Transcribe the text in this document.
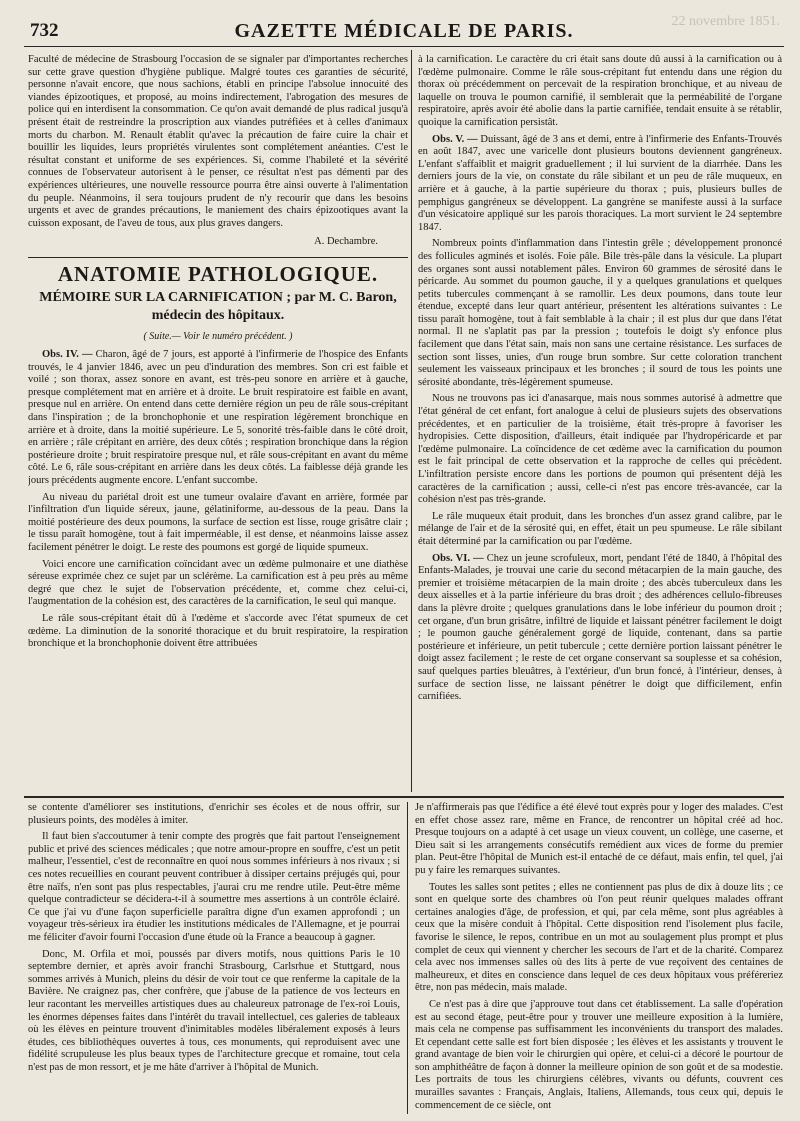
732	GAZETTE MÉDICALE DE PARIS.	22 novembre 1851.

Faculté de médecine de Strasbourg l'occasion de se signaler par d'importantes recherches sur cette grave question d'hygiène publique. Malgré toutes ces garanties de sécurité, personne n'avait encore, que nous sachions, établi en principe l'absolue innocuité des viandes épizootiques, et proposé, au moins indirectement, l'abrogation des mesures de police qui en interdisent la consommation. Ce qu'on avait demandé de plus radical jusqu'à présent était de restreindre la proscription aux viandes putréfiées et à celles d'animaux morts du charbon. M. Renault établit qu'avec la précaution de faire cuire la chair et bouillir les liquides, leurs propriétés virulentes sont complétement anéanties. C'est le résultat constant et uniforme de ses expériences. Si, comme l'habileté et la sévérité connues de l'observateur autorisent à le penser, ce résultat n'est pas démenti par des expériences ultérieures, une nouvelle ressource pourra être ainsi ouverte à l'alimentation du peuple. Néanmoins, il sera toujours prudent de n'y recourir que dans les besoins urgents et avec de grandes précautions, le maniement des chairs épizootiques avant la cuisson exposant, de l'aveu de tous, aux plus graves dangers.

A. Dechambre.
ANATOMIE PATHOLOGIQUE.
MÉMOIRE SUR LA CARNIFICATION ; par M. C. Baron,
médecin des hôpitaux.
( Suite.— Voir le numéro précédent. )

Obs. IV. — Charon, âgé de 7 jours, est apporté à l'infirmerie de l'hospice des Enfants trouvés, le 4 janvier 1846, avec un peu d'induration des membres. Son cri est faible et voilé ; son thorax, assez sonore en avant, est très-peu sonore en arrière et à gauche, presque complétement mat en arrière et à droite. Le bruit respiratoire est faible en avant, presque nul en arrière. On entend dans cette dernière région un peu de râle sous-crépitant dans l'inspiration ; de la bronchophonie et une respiration légèrement bronchique en arrière et à droite, dans la moitié supérieure. Le 5, sonorité très-faible dans le côté droit, en arrière ; râle crépitant en arrière, des deux côtés ; respiration bronchique dans la région postérieure droite ; bruit respiratoire presque nul, et râle sous-crépitant en avant du même côté. Le 6, râle sous-crépitant en arrière dans les deux côtés. La faiblesse déjà grande les jours précédents augmente encore. L'enfant succombe.

Au niveau du pariétal droit est une tumeur ovalaire d'avant en arrière, formée par l'infiltration d'un liquide séreux, jaune, gélatiniforme, au-dessous de la peau. Dans la moitié postérieure des deux poumons, la surface de section est lisse, rouge grisâtre clair ; le tissu paraît homogène, tout à fait imperméable, il est dense, et néanmoins laisse assez facilement pénétrer le doigt. Le reste des poumons est gorgé de liquide spumeux.

Voici encore une carnification coïncidant avec un œdème pulmonaire et une diathèse séreuse exprimée chez ce sujet par un sclérème. La carnification est à peu près au même degré que chez le sujet de l'observation précédente, et, comme chez celui-ci, l'augmentation de la cohésion est, des caractères de la carnification, le seul qui manque.

Le râle sous-crépitant était dû à l'œdème et s'accorde avec l'état spumeux de cet œdème. La diminution de la sonorité thoracique et du bruit respiratoire, la respiration bronchique et la bronchophonie doivent être attribuées

à la carnification. Le caractère du cri était sans doute dû aussi à la carnification ou à l'œdème pulmonaire. Comme le râle sous-crépitant fut entendu dans une région du thorax où précédemment on percevait de la respiration bronchique, et au niveau de laquelle on trouva le poumon carnifié, il semblerait que la perméabilité de l'organe respiratoire, après avoir été abolie dans la partie carnifiée, tendait ensuite à se rétablir, quoique la carnification persistât.

Obs. V. — Duissant, âgé de 3 ans et demi, entre à l'infirmerie des Enfants-Trouvés en août 1847, avec une varicelle dont plusieurs boutons deviennent gangréneux. L'enfant s'affaiblit et maigrit graduellement ; il lui survient de la diarrhée. Dans les derniers jours de la vie, on constate du râle sibilant et un peu de râle muqueux, en arrière et à gauche, à la partie supérieure du thorax ; puis, plusieurs bulles de pemphigus gangréneux se développent. La gangrène se manifeste aussi à la surface d'un vésicatoire appliqué sur les parois thoraciques. La mort survient le 24 septembre 1847.

Nombreux points d'inflammation dans l'intestin grêle ; développement prononcé des follicules agminés et isolés. Foie pâle. Bile très-pâle dans la vésicule. La plupart des organes sont aussi notablement pâles. Environ 60 grammes de sérosité dans le péricarde. Au sommet du poumon gauche, il y a quelques granulations et quelques petits tubercules commençant à se ramollir. Les deux poumons, dans toute leur étendue, excepté dans leur quart antérieur, présentent les altérations suivantes : Le tissu paraît homogène, tout à fait semblable à la chair ; il est plus dur que dans l'état normal. Il ne s'aplatit pas par la pression ; toutefois le doigt s'y enfonce plus facilement que dans l'état sain, mais non sans une certaine résistance. Les surfaces de section sont lisses, unies, d'un rouge brun sombre. Sur cette coloration tranchent seulement les vaisseaux principaux et les bronches ; il sourd de tous les points une sérosité abondante, très-légèrement spumeuse.

Nous ne trouvons pas ici d'anasarque, mais nous sommes autorisé à admettre que l'état général de cet enfant, fort analogue à celui de plusieurs sujets des observations précédentes, et en particulier de la troisième, était très-propre à favoriser les hydropisies. Cette disposition, d'ailleurs, était indiquée par l'hydropéricarde et par l'œdème pulmonaire. La coïncidence de cet œdème avec la carnification du poumon est le fait principal de cette observation et la rapproche de celles qui précèdent. L'infiltration persiste encore dans les portions de poumon qui présentent déjà les caractères de la carnification ; aussi, celle-ci n'est pas encore très-avancée, car la cohésion n'est pas très-grande.

Le râle muqueux était produit, dans les bronches d'un assez grand calibre, par le mélange de l'air et de la sérosité qui, en effet, était un peu spumeuse. Le râle sibilant était déterminé par la carnification ou par l'œdème.

Obs. VI. — Chez un jeune scrofuleux, mort, pendant l'été de 1840, à l'hôpital des Enfants-Malades, je trouvai une carie du second métacarpien de la main gauche, des premier et troisième métacarpien de la main droite ; des abcès tuberculeux dans les deux aisselles et à la partie inférieure du bras droit ; des adhérences cellulo-fibreuses dans la plèvre droite ; quelques granulations dans le lobe inférieur du poumon droit ; cet organe, d'un brun grisâtre, infiltré de liquide et laissant pénétrer facilement le doigt ; le poumon gauche généralement gorgé de liquide, contenant, dans sa partie postérieure et inférieure, un petit tubercule ; cette dernière portion laissant pénétrer le doigt assez facilement ; le reste de cet organe conservant sa souplesse et sa cohésion, sauf quelques parties bleuâtres, à l'extérieur, d'un brun foncé, à l'intérieur, denses, à surface de section lisse, ne laissant pénétrer le doigt que difficilement, enfin carnifiées.

se contente d'améliorer ses institutions, d'enrichir ses écoles et de nous offrir, sur plusieurs points, des modèles à imiter.

Il faut bien s'accoutumer à tenir compte des progrès que fait partout l'enseignement public et privé des sciences médicales ; que notre amour-propre en souffre, c'est un petit malheur, l'essentiel, c'est de reconnaître en quoi nous sommes inférieurs à nos rivaux ; si ces notes recueillies en courant peuvent contribuer à dissiper certains préjugés qui, pour être naïfs, n'en sont pas plus respectables, j'aurai cru me rendre utile. Peut-être même quelque contradicteur se décidera-t-il à soumettre mes assertions à un contrôle éclairé. Ce que j'ai vu d'une façon superficielle paraîtra digne d'un examen approfondi ; un voyageur très-sérieux ira étudier les institutions médicales de l'Allemagne, et je pourrai me féliciter d'avoir fourni l'occasion d'une étude où la France a beaucoup à gagner.

Donc, M. Orfila et moi, poussés par divers motifs, nous quittions Paris le 10 septembre dernier, et après avoir franchi Strasbourg, Carlsrhue et Stuttgard, nous sommes arrivés à Munich, pleins du désir de voir tout ce que renferme la capitale de la Bavière. Ne craignez pas, cher confrère, que j'abuse de la patience de vos lecteurs en leur racontant les merveilles artistiques dues au chaleureux patronage de l'ex-roi Louis, les énormes dépenses faites dans l'intérêt du travail intellectuel, ces galeries de tableaux où les élèves en peinture trouvent d'inimitables modèles libéralement exposés à leurs études, ces bibliothèques ouvertes à tous, ces monuments, qui reproduisent avec une fidélité scrupuleuse les plus beaux types de l'architecture grecque et romaine, tout cela n'est pas de mon ressort, et je me hâte d'arriver à l'hôpital de Munich.

Je n'affirmerais pas que l'édifice a été élevé tout exprès pour y loger des malades. C'est en effet chose assez rare, même en France, de rencontrer un hôpital créé ad hoc. Presque toujours on a adapté à cet usage un vieux couvent, un collège, une caserne, et Dieu sait si les arrangements consécutifs remédient aux vices de forme du premier plan. Peut-être l'hôpital de Munich est-il entaché de ce défaut, mais enfin, tel quel, j'ai pu y faire les remarques suivantes.

Toutes les salles sont petites ; elles ne contiennent pas plus de dix à douze lits ; ce sont en quelque sorte des chambres où l'on peut réunir quelques malades offrant certaines analogies d'âge, de profession, et qui, par cela même, sont plus agréables à ceux que la misère conduit à l'hôpital. Cette disposition rend l'isolement plus facile, favorise le silence, le repos, contribue en un mot au soulagement plus prompt et plus complet de ceux qui viennent y chercher les secours de l'art et de la charité. Comparez cela avec nos immenses salles où des lits à perte de vue reçoivent des centaines de malheureux, et dites en conscience dans lequel de ces deux hôpitaux vous préféreriez être, non pas médecin, mais malade.

Ce n'est pas à dire que j'approuve tout dans cet établissement. La salle d'opération est au second étage, peut-être pour y trouver une meilleure exposition à la lumière, mais cela ne compense pas suffisamment les inconvénients du transport des malades. Et cependant cette salle est fort bien disposée ; les élèves et les assistants y trouvent le grand avantage de bien voir le chirurgien qui opère, et celui-ci a décoré le pourtour de son amphithéâtre de façon à donner la meilleure opinion de son goût et de sa modestie. Les portraits de tous les chirurgiens célèbres, vivants ou défunts, couvrent ces murailles savantes : Français, Anglais, Italiens, Allemands, tous ceux qui, depuis le commencement de ce siècle, ont
